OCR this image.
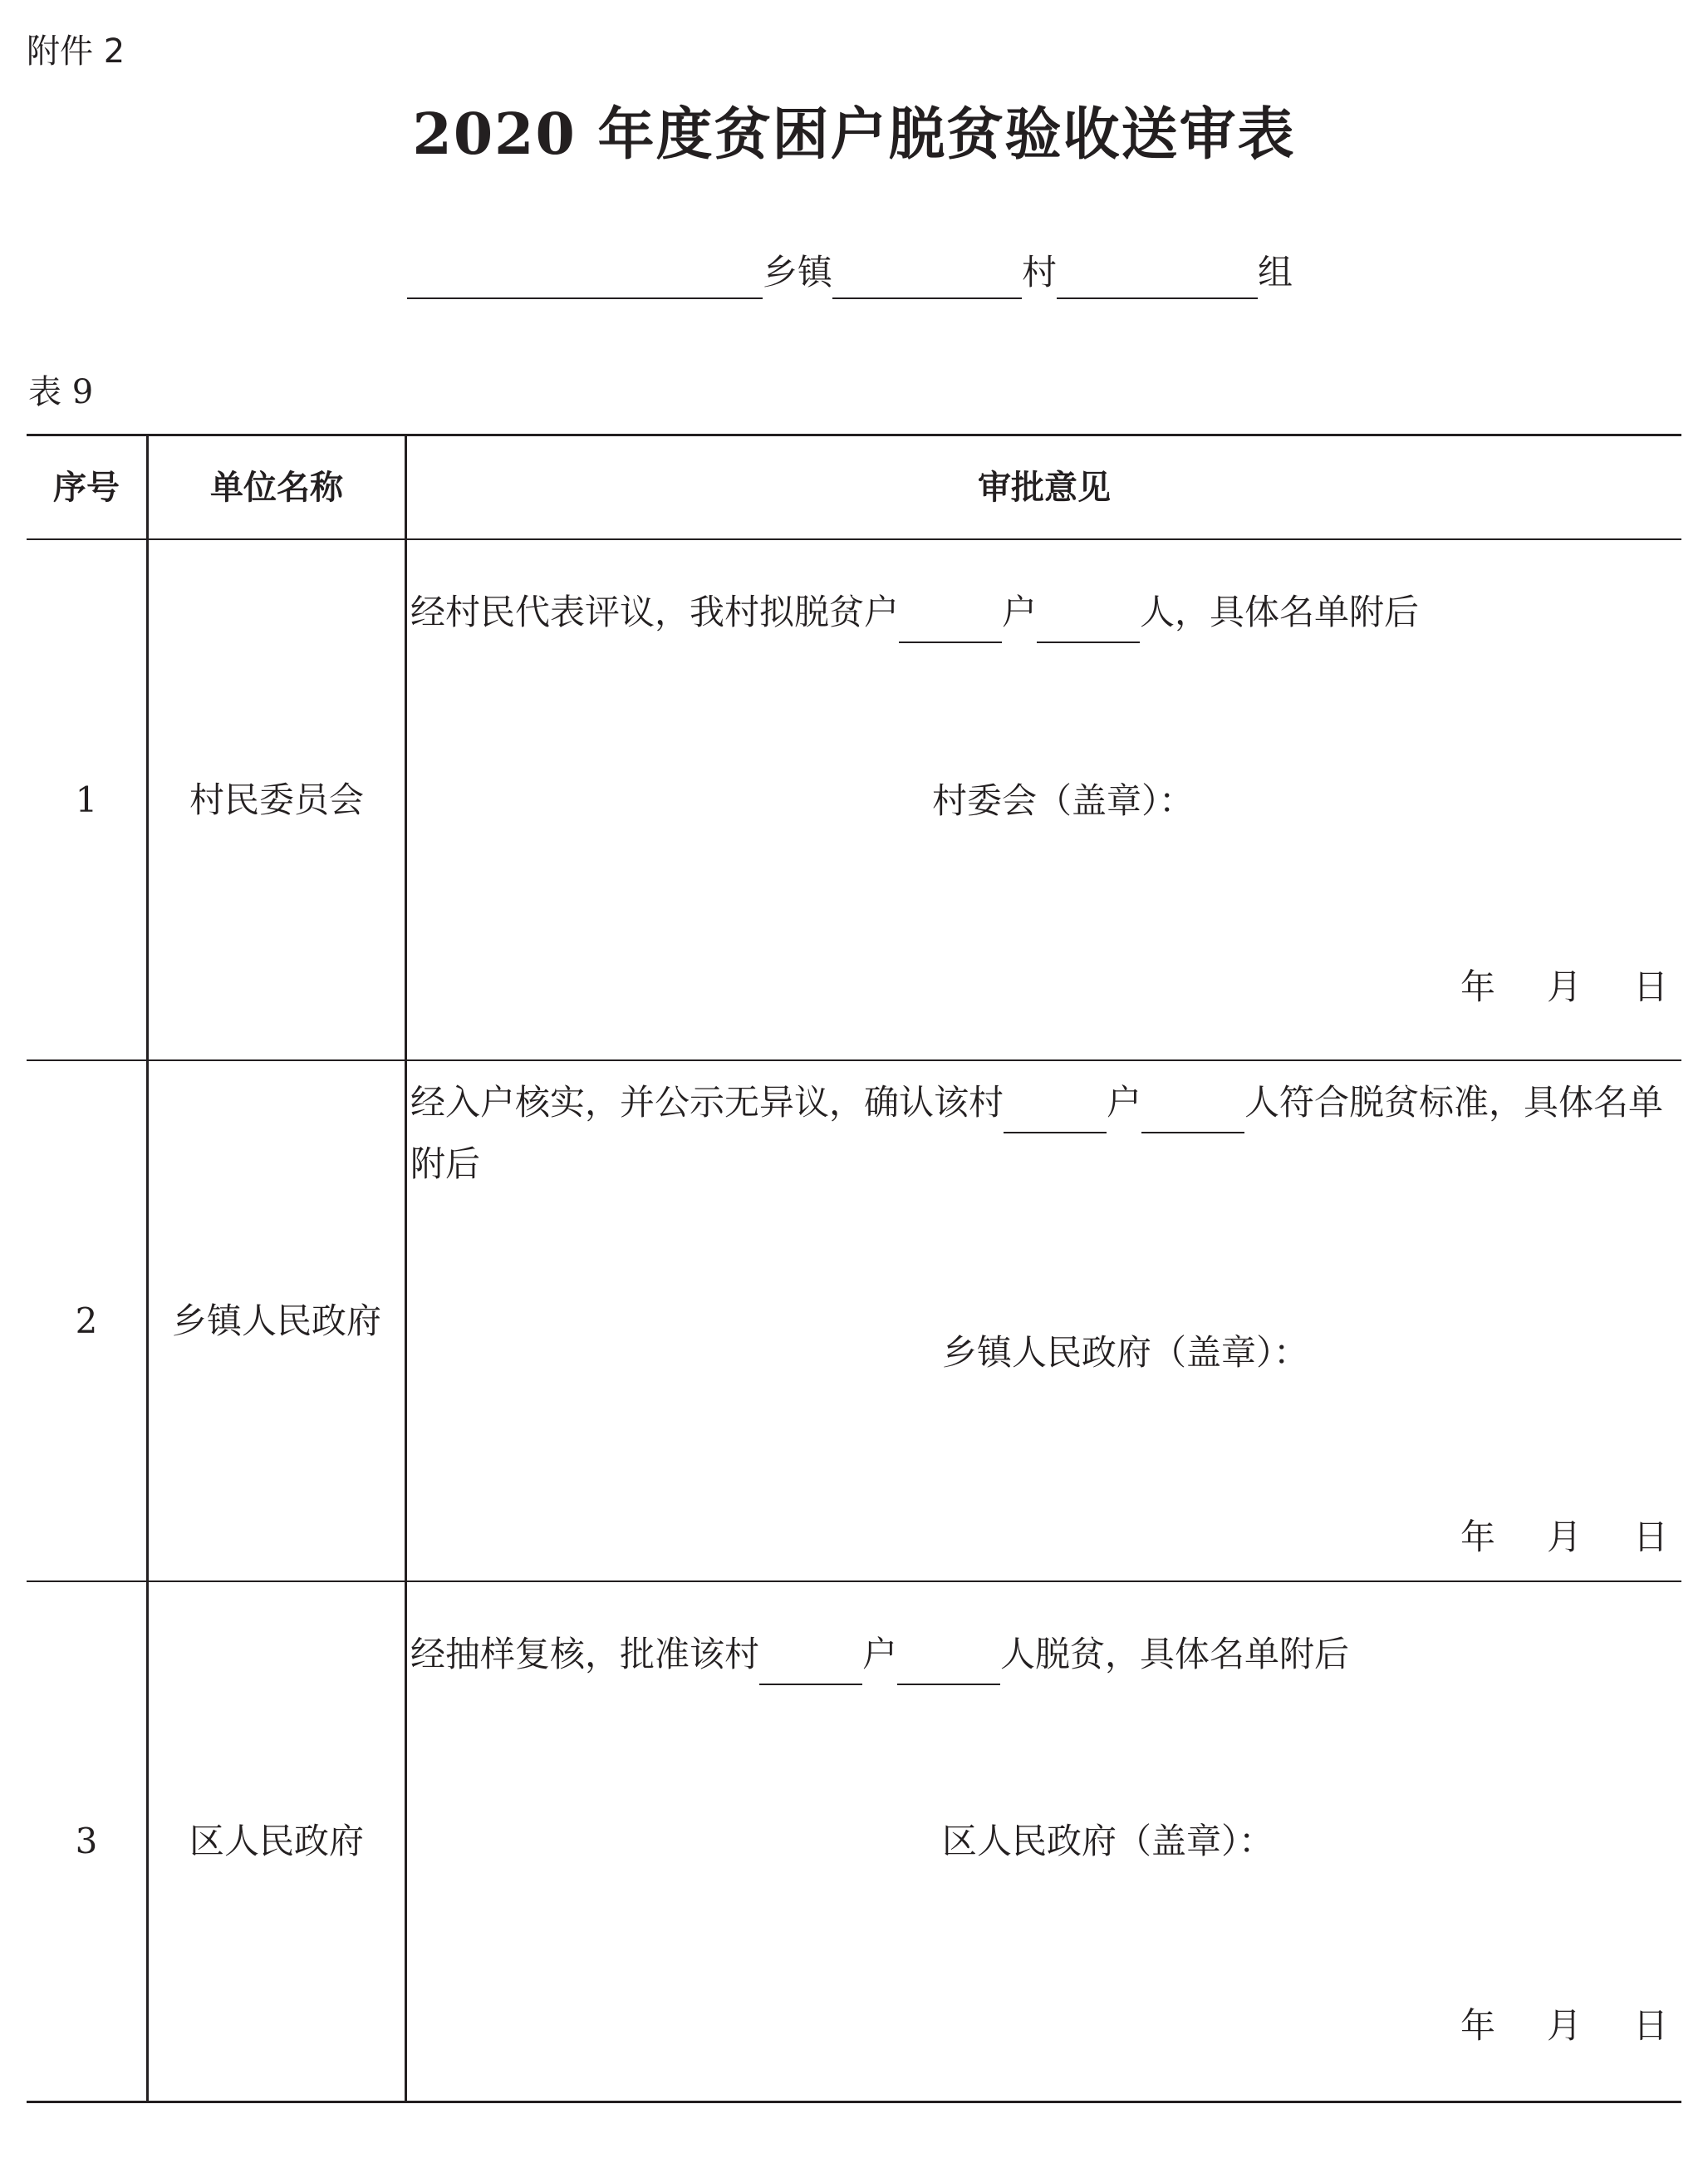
附件 2
2020 年度贫困户脱贫验收送审表
乡镇	村	组
表 9
序号	单位名称	审批意见
1	村民委员会
经村民代表评议，我村拟脱贫户	户	人，具体名单附后
村委会（盖章）：
年 月 日
2	乡镇人民政府
经入户核实，并公示无异议，确认该村	户	人符合脱贫标准，具体名单附后
乡镇人民政府（盖章）：
年 月 日
3	区人民政府
经抽样复核，批准该村	户	人脱贫，具体名单附后
区人民政府（盖章）：
年 月 日
